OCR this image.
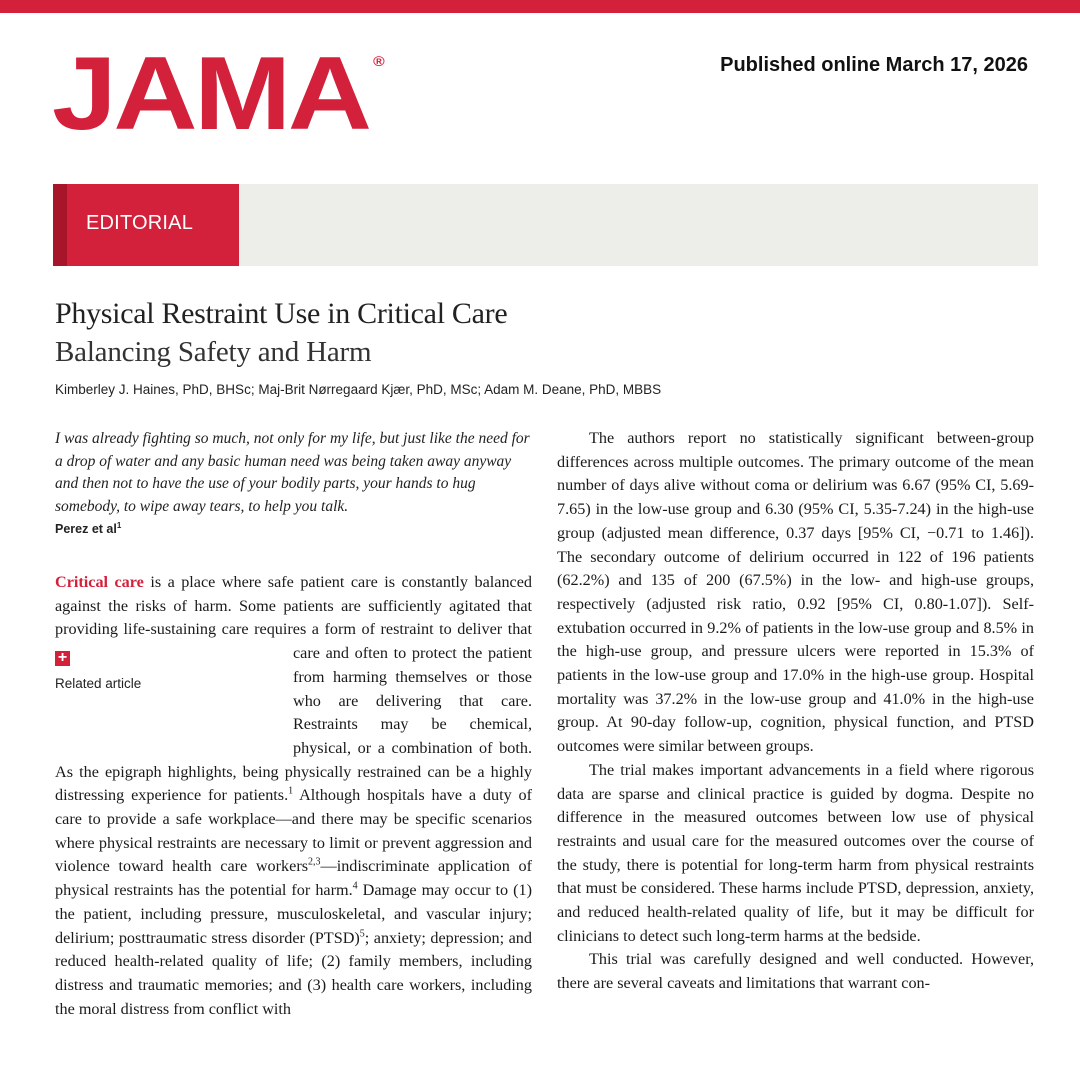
JAMA ®	Published online March 17, 2026
EDITORIAL
Physical Restraint Use in Critical Care
Balancing Safety and Harm
Kimberley J. Haines, PhD, BHSc; Maj-Brit Nørregaard Kjær, PhD, MSc; Adam M. Deane, PhD, MBBS
I was already fighting so much, not only for my life, but just like the need for a drop of water and any basic human need was being taken away anyway and then not to have the use of your bodily parts, your hands to hug somebody, to wipe away tears, to help you talk.
Perez et $al^1$

Critical care is a place where safe patient care is constantly balanced against the risks of harm. Some patients are sufficiently agitated that providing life-sustaining care requires a form of restraint to deliver that care and often to protect the
+
Related article
patient from harming themselves or those who are delivering that care. Restraints may be chemical, physical, or a combination of both. As the epigraph highlights, being physically restrained can be a highly distressing experience for patients.$^1$ Although hospitals have a duty of care to provide a safe workplace—and there may be specific scenarios where physical restraints are necessary to limit or prevent aggression and violence toward health care workers$^{2,3}$—indiscriminate application of physical restraints has the potential for harm.$^4$ Damage may occur to (1) the patient, including pressure, musculoskeletal, and vascular injury; delirium; posttraumatic stress disorder (PTSD)$^5$; anxiety; depression; and reduced health-related quality of life; (2) family members, including distress and traumatic memories; and (3) health care workers, including the moral distress from conflict with

The authors report no statistically significant between-group differences across multiple outcomes. The primary outcome of the mean number of days alive without coma or delirium was 6.67 (95% CI, 5.69-7.65) in the low-use group and 6.30 (95% CI, 5.35-7.24) in the high-use group (adjusted mean difference, 0.37 days [95% CI, −0.71 to 1.46]). The secondary outcome of delirium occurred in 122 of 196 patients (62.2%) and 135 of 200 (67.5%) in the low- and high-use groups, respectively (adjusted risk ratio, 0.92 [95% CI, 0.80-1.07]). Self-extubation occurred in 9.2% of patients in the low-use group and 8.5% in the high-use group, and pressure ulcers were reported in 15.3% of patients in the low-use group and 17.0% in the high-use group. Hospital mortality was 37.2% in the low-use group and 41.0% in the high-use group. At 90-day follow-up, cognition, physical function, and PTSD outcomes were similar between groups.

The trial makes important advancements in a field where rigorous data are sparse and clinical practice is guided by dogma. Despite no difference in the measured outcomes between low use of physical restraints and usual care for the measured outcomes over the course of the study, there is potential for long-term harm from physical restraints that must be considered. These harms include PTSD, depression, anxiety, and reduced health-related quality of life, but it may be difficult for clinicians to detect such long-term harms at the bedside.

This trial was carefully designed and well conducted. However, there are several caveats and limitations that warrant con-
